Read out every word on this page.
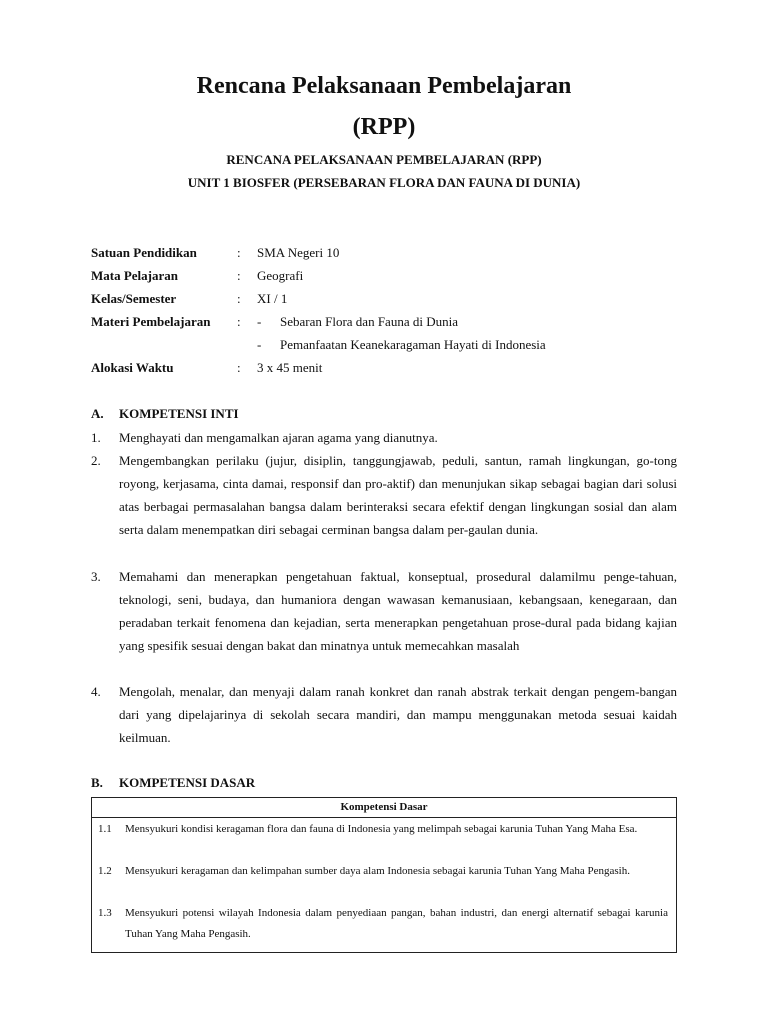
Rencana Pelaksanaan Pembelajaran
(RPP)
RENCANA PELAKSANAAN PEMBELAJARAN (RPP)
UNIT 1 BIOSFER (PERSEBARAN FLORA DAN FAUNA DI DUNIA)
Satuan Pendidikan	: SMA Negeri 10
Mata Pelajaran	: Geografi
Kelas/Semester	: XI / 1
Materi Pembelajaran : - Sebaran Flora dan Fauna di Dunia
- Pemanfaatan Keanekaragaman Hayati di Indonesia
Alokasi Waktu	: 3 x 45 menit
A. KOMPETENSI INTI
1. Menghayati dan mengamalkan ajaran agama yang dianutnya.
2. Mengembangkan perilaku (jujur, disiplin, tanggungjawab, peduli, santun, ramah lingkungan, go-tong royong, kerjasama, cinta damai, responsif dan pro-aktif) dan menunjukan sikap sebagai bagian dari solusi atas berbagai permasalahan bangsa dalam berinteraksi secara efektif dengan lingkungan sosial dan alam serta dalam menempatkan diri sebagai cerminan bangsa dalam per-gaulan dunia.
3. Memahami dan menerapkan pengetahuan faktual, konseptual, prosedural dalamilmu penge-tahuan, teknologi, seni, budaya, dan humaniora dengan wawasan kemanusiaan, kebangsaan, kenegaraan, dan peradaban terkait fenomena dan kejadian, serta menerapkan pengetahuan prose-dural pada bidang kajian yang spesifik sesuai dengan bakat dan minatnya untuk memecahkan masalah
4. Mengolah, menalar, dan menyaji dalam ranah konkret dan ranah abstrak terkait dengan pengem-bangan dari yang dipelajarinya di sekolah secara mandiri, dan mampu menggunakan metoda sesuai kaidah keilmuan.
B. KOMPETENSI DASAR
Kompetensi Dasar
1.1 Mensyukuri kondisi keragaman flora dan fauna di Indonesia yang melimpah sebagai karunia Tuhan Yang Maha Esa.
1.2 Mensyukuri keragaman dan kelimpahan sumber daya alam Indonesia sebagai karunia Tuhan Yang Maha Pengasih.
1.3 Mensyukuri potensi wilayah Indonesia dalam penyediaan pangan, bahan industri, dan energi alternatif sebagai karunia Tuhan Yang Maha Pengasih.
